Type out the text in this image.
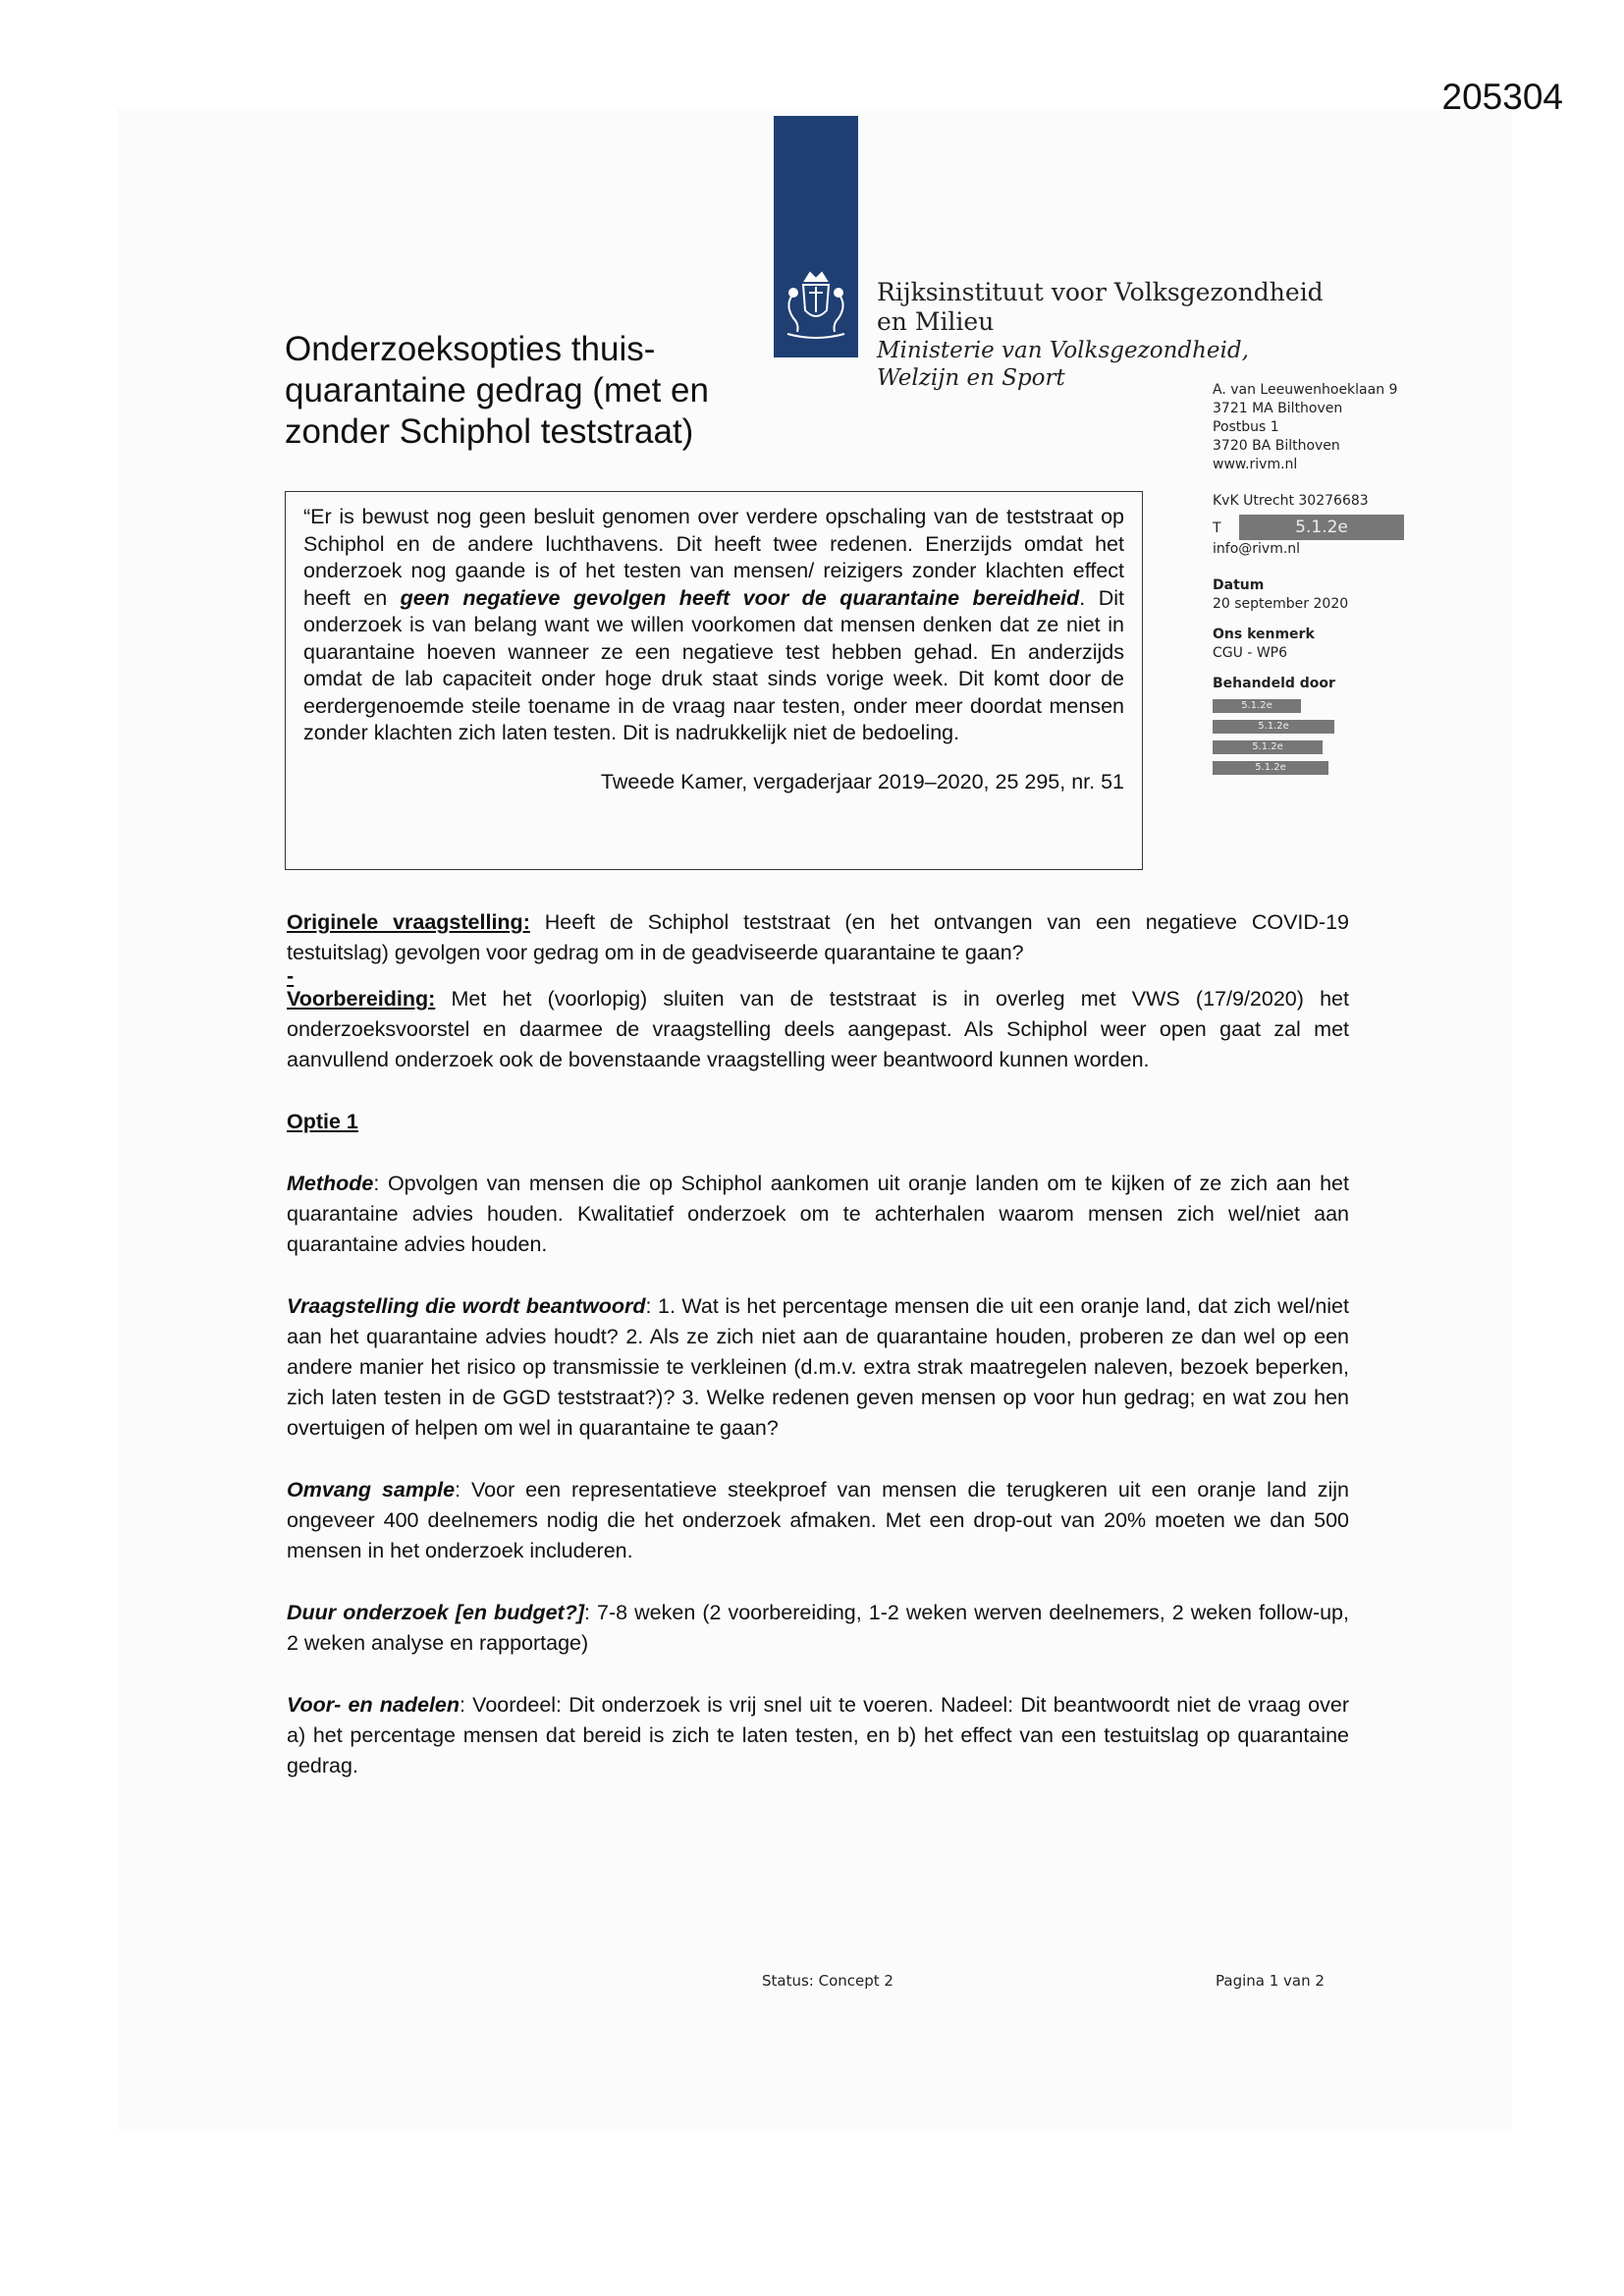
205304
Rijksinstituut voor Volksgezondheid
en Milieu
Ministerie van Volksgezondheid,
Welzijn en Sport
Onderzoeksopties thuis-quarantaine gedrag (met en zonder Schiphol teststraat)
A. van Leeuwenhoeklaan 9
3721 MA Bilthoven
Postbus 1
3720 BA Bilthoven
www.rivm.nl
KvK Utrecht 30276683
T	5.1.2e
info@rivm.nl
Datum
20 september 2020
Ons kenmerk
CGU - WP6
Behandeld door
5.1.2e
5.1.2e
5.1.2e
5.1.2e
“Er is bewust nog geen besluit genomen over verdere opschaling van de teststraat op Schiphol en de andere luchthavens. Dit heeft twee redenen. Enerzijds omdat het onderzoek nog gaande is of het testen van mensen/ reizigers zonder klachten effect heeft en geen negatieve gevolgen heeft voor de quarantaine bereidheid. Dit onderzoek is van belang want we willen voorkomen dat mensen denken dat ze niet in quarantaine hoeven wanneer ze een negatieve test hebben gehad. En anderzijds omdat de lab capaciteit onder hoge druk staat sinds vorige week. Dit komt door de eerdergenoemde steile toename in de vraag naar testen, onder meer doordat mensen zonder klachten zich laten testen. Dit is nadrukkelijk niet de bedoeling.
Tweede Kamer, vergaderjaar 2019–2020, 25 295, nr. 51

Originele vraagstelling: Heeft de Schiphol teststraat (en het ontvangen van een negatieve COVID-19 testuitslag) gevolgen voor gedrag om in de geadviseerde quarantaine te gaan?

-

Voorbereiding: Met het (voorlopig) sluiten van de teststraat is in overleg met VWS (17/9/2020) het onderzoeksvoorstel en daarmee de vraagstelling deels aangepast. Als Schiphol weer open gaat zal met aanvullend onderzoek ook de bovenstaande vraagstelling weer beantwoord kunnen worden.

Optie 1

Methode: Opvolgen van mensen die op Schiphol aankomen uit oranje landen om te kijken of ze zich aan het quarantaine advies houden. Kwalitatief onderzoek om te achterhalen waarom mensen zich wel/niet aan quarantaine advies houden.

Vraagstelling die wordt beantwoord: 1. Wat is het percentage mensen die uit een oranje land, dat zich wel/niet aan het quarantaine advies houdt? 2. Als ze zich niet aan de quarantaine houden, proberen ze dan wel op een andere manier het risico op transmissie te verkleinen (d.m.v. extra strak maatregelen naleven, bezoek beperken, zich laten testen in de GGD teststraat?)? 3. Welke redenen geven mensen op voor hun gedrag; en wat zou hen overtuigen of helpen om wel in quarantaine te gaan?

Omvang sample: Voor een representatieve steekproef van mensen die terugkeren uit een oranje land zijn ongeveer 400 deelnemers nodig die het onderzoek afmaken. Met een drop-out van 20% moeten we dan 500 mensen in het onderzoek includeren.

Duur onderzoek [en budget?]: 7-8 weken (2 voorbereiding, 1-2 weken werven deelnemers, 2 weken follow-up, 2 weken analyse en rapportage)

Voor- en nadelen: Voordeel: Dit onderzoek is vrij snel uit te voeren. Nadeel: Dit beantwoordt niet de vraag over a) het percentage mensen dat bereid is zich te laten testen, en b) het effect van een testuitslag op quarantaine gedrag.

Status: Concept 2	Pagina 1 van 2
